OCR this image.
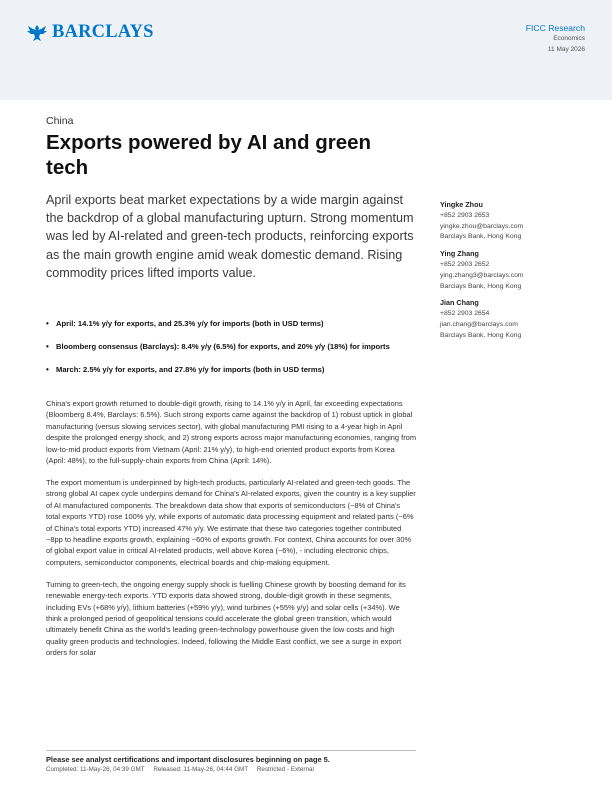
BARCLAYS	FICC Research
Economics
11 May 2026
China
Exports powered by AI and green tech
April exports beat market expectations by a wide margin against the backdrop of a global manufacturing upturn. Strong momentum was led by AI-related and green-tech products, reinforcing exports as the main growth engine amid weak domestic demand. Rising commodity prices lifted imports value.
• April: 14.1% y/y for exports, and 25.3% y/y for imports (both in USD terms)
• Bloomberg consensus (Barclays): 8.4% y/y (6.5%) for exports, and 20% y/y (18%) for imports
• March: 2.5% y/y for exports, and 27.8% y/y for imports (both in USD terms)

China's export growth returned to double-digit growth, rising to 14.1% y/y in April, far exceeding expectations (Bloomberg 8.4%, Barclays: 6.5%). Such strong exports came against the backdrop of 1) robust uptick in global manufacturing (versus slowing services sector), with global manufacturing PMI rising to a 4-year high in April despite the prolonged energy shock, and 2) strong exports across major manufacturing economies, ranging from low-to-mid product exports from Vietnam (April: 21% y/y), to high-end oriented product exports from Korea (April: 48%), to the full-supply-chain exports from China (April: 14%).

The export momentum is underpinned by high-tech products, particularly AI-related and green-tech goods. The strong global AI capex cycle underpins demand for China's AI-related exports, given the country is a key supplier of AI manufactured components. The breakdown data show that exports of semiconductors (~8% of China's total exports YTD) rose 100% y/y, while exports of automatic data processing equipment and related parts (~6% of China's total exports YTD) increased 47% y/y. We estimate that these two categories together contributed ~8pp to headline exports growth, explaining ~60% of exports growth. For context, China accounts for over 30% of global export value in critical AI-related products, well above Korea (~6%), - including electronic chips, computers, semiconductor components, electrical boards and chip-making equipment.

Turning to green-tech, the ongoing energy supply shock is fuelling Chinese growth by boosting demand for its renewable energy-tech exports. YTD exports data showed strong, double-digit growth in these segments, including EVs (+68% y/y), lithium batteries (+59% y/y), wind turbines (+55% y/y) and solar cells (+34%). We think a prolonged period of geopolitical tensions could accelerate the global green transition, which would ultimately benefit China as the world's leading green-technology powerhouse given the low costs and high quality green products and technologies. Indeed, following the Middle East conflict, we see a surge in export orders for solar

Yingke Zhou
+852 2903 2653
yingke.zhou@barclays.com
Barclays Bank, Hong Kong
Ying Zhang
+852 2903 2652
ying.zhang3@barclays.com
Barclays Bank, Hong Kong
Jian Chang
+852 2903 2654
jian.chang@barclays.com
Barclays Bank, Hong Kong
Please see analyst certifications and important disclosures beginning on page 5.
Completed: 11-May-26, 04:39 GMT Released: 11-May-26, 04:44 GMT Restricted - External
